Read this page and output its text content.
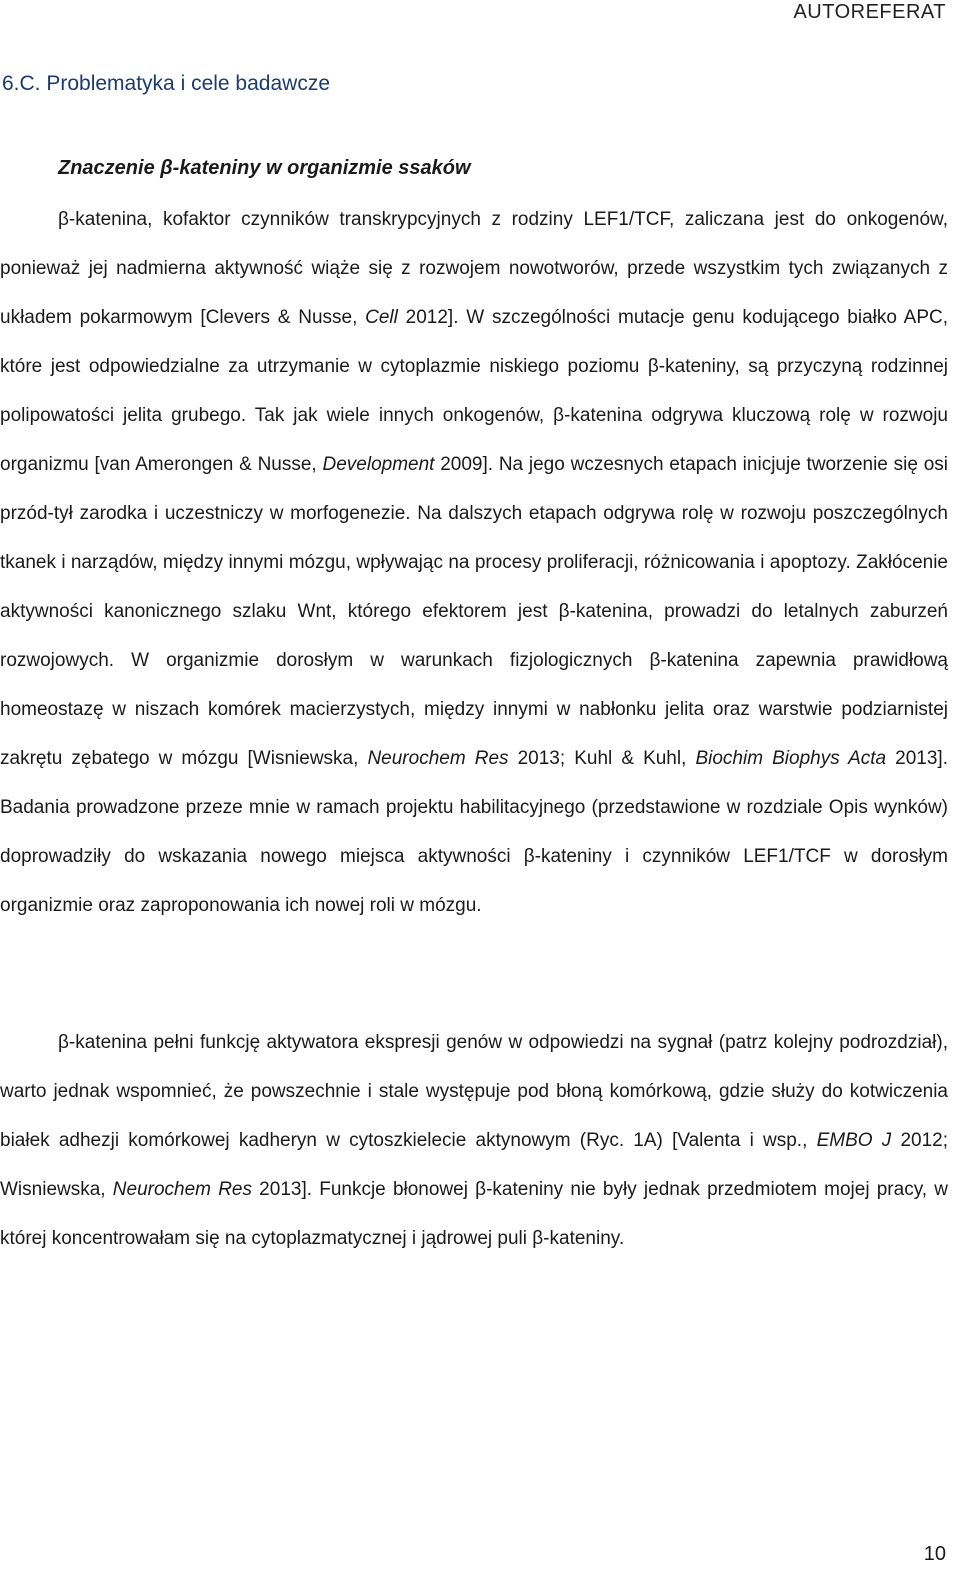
AUTOREFERAT
6.C. Problematyka i cele badawcze
Znaczenie β-kateniny w organizmie ssaków

β-katenina, kofaktor czynników transkrypcyjnych z rodziny LEF1/TCF, zaliczana jest do onkogenów, ponieważ jej nadmierna aktywność wiąże się z rozwojem nowotworów, przede wszystkim tych związanych z układem pokarmowym [Clevers & Nusse, Cell 2012]. W szczególności mutacje genu kodującego białko APC, które jest odpowiedzialne za utrzymanie w cytoplazmie niskiego poziomu β-kateniny, są przyczyną rodzinnej polipowatości jelita grubego. Tak jak wiele innych onkogenów, β-katenina odgrywa kluczową rolę w rozwoju organizmu [van Amerongen & Nusse, Development 2009]. Na jego wczesnych etapach inicjuje tworzenie się osi przód-tył zarodka i uczestniczy w morfogenezie. Na dalszych etapach odgrywa rolę w rozwoju poszczególnych tkanek i narządów, między innymi mózgu, wpływając na procesy proliferacji, różnicowania i apoptozy. Zakłócenie aktywności kanonicznego szlaku Wnt, którego efektorem jest β-katenina, prowadzi do letalnych zaburzeń rozwojowych. W organizmie dorosłym w warunkach fizjologicznych β-katenina zapewnia prawidłową homeostazę w niszach komórek macierzystych, między innymi w nabłonku jelita oraz warstwie podziarnistej zakrętu zębatego w mózgu [Wisniewska, Neurochem Res 2013; Kuhl & Kuhl, Biochim Biophys Acta 2013]. Badania prowadzone przeze mnie w ramach projektu habilitacyjnego (przedstawione w rozdziale Opis wynków) doprowadziły do wskazania nowego miejsca aktywności β-kateniny i czynników LEF1/TCF w dorosłym organizmie oraz zaproponowania ich nowej roli w mózgu.

β-katenina pełni funkcję aktywatora ekspresji genów w odpowiedzi na sygnał (patrz kolejny podrozdział), warto jednak wspomnieć, że powszechnie i stale występuje pod błoną komórkową, gdzie służy do kotwiczenia białek adhezji komórkowej kadheryn w cytoszkielecie aktynowym (Ryc. 1A) [Valenta i wsp., EMBO J 2012; Wisniewska, Neurochem Res 2013]. Funkcje błonowej β-kateniny nie były jednak przedmiotem mojej pracy, w której koncentrowałam się na cytoplazmatycznej i jądrowej puli β-kateniny.

10
